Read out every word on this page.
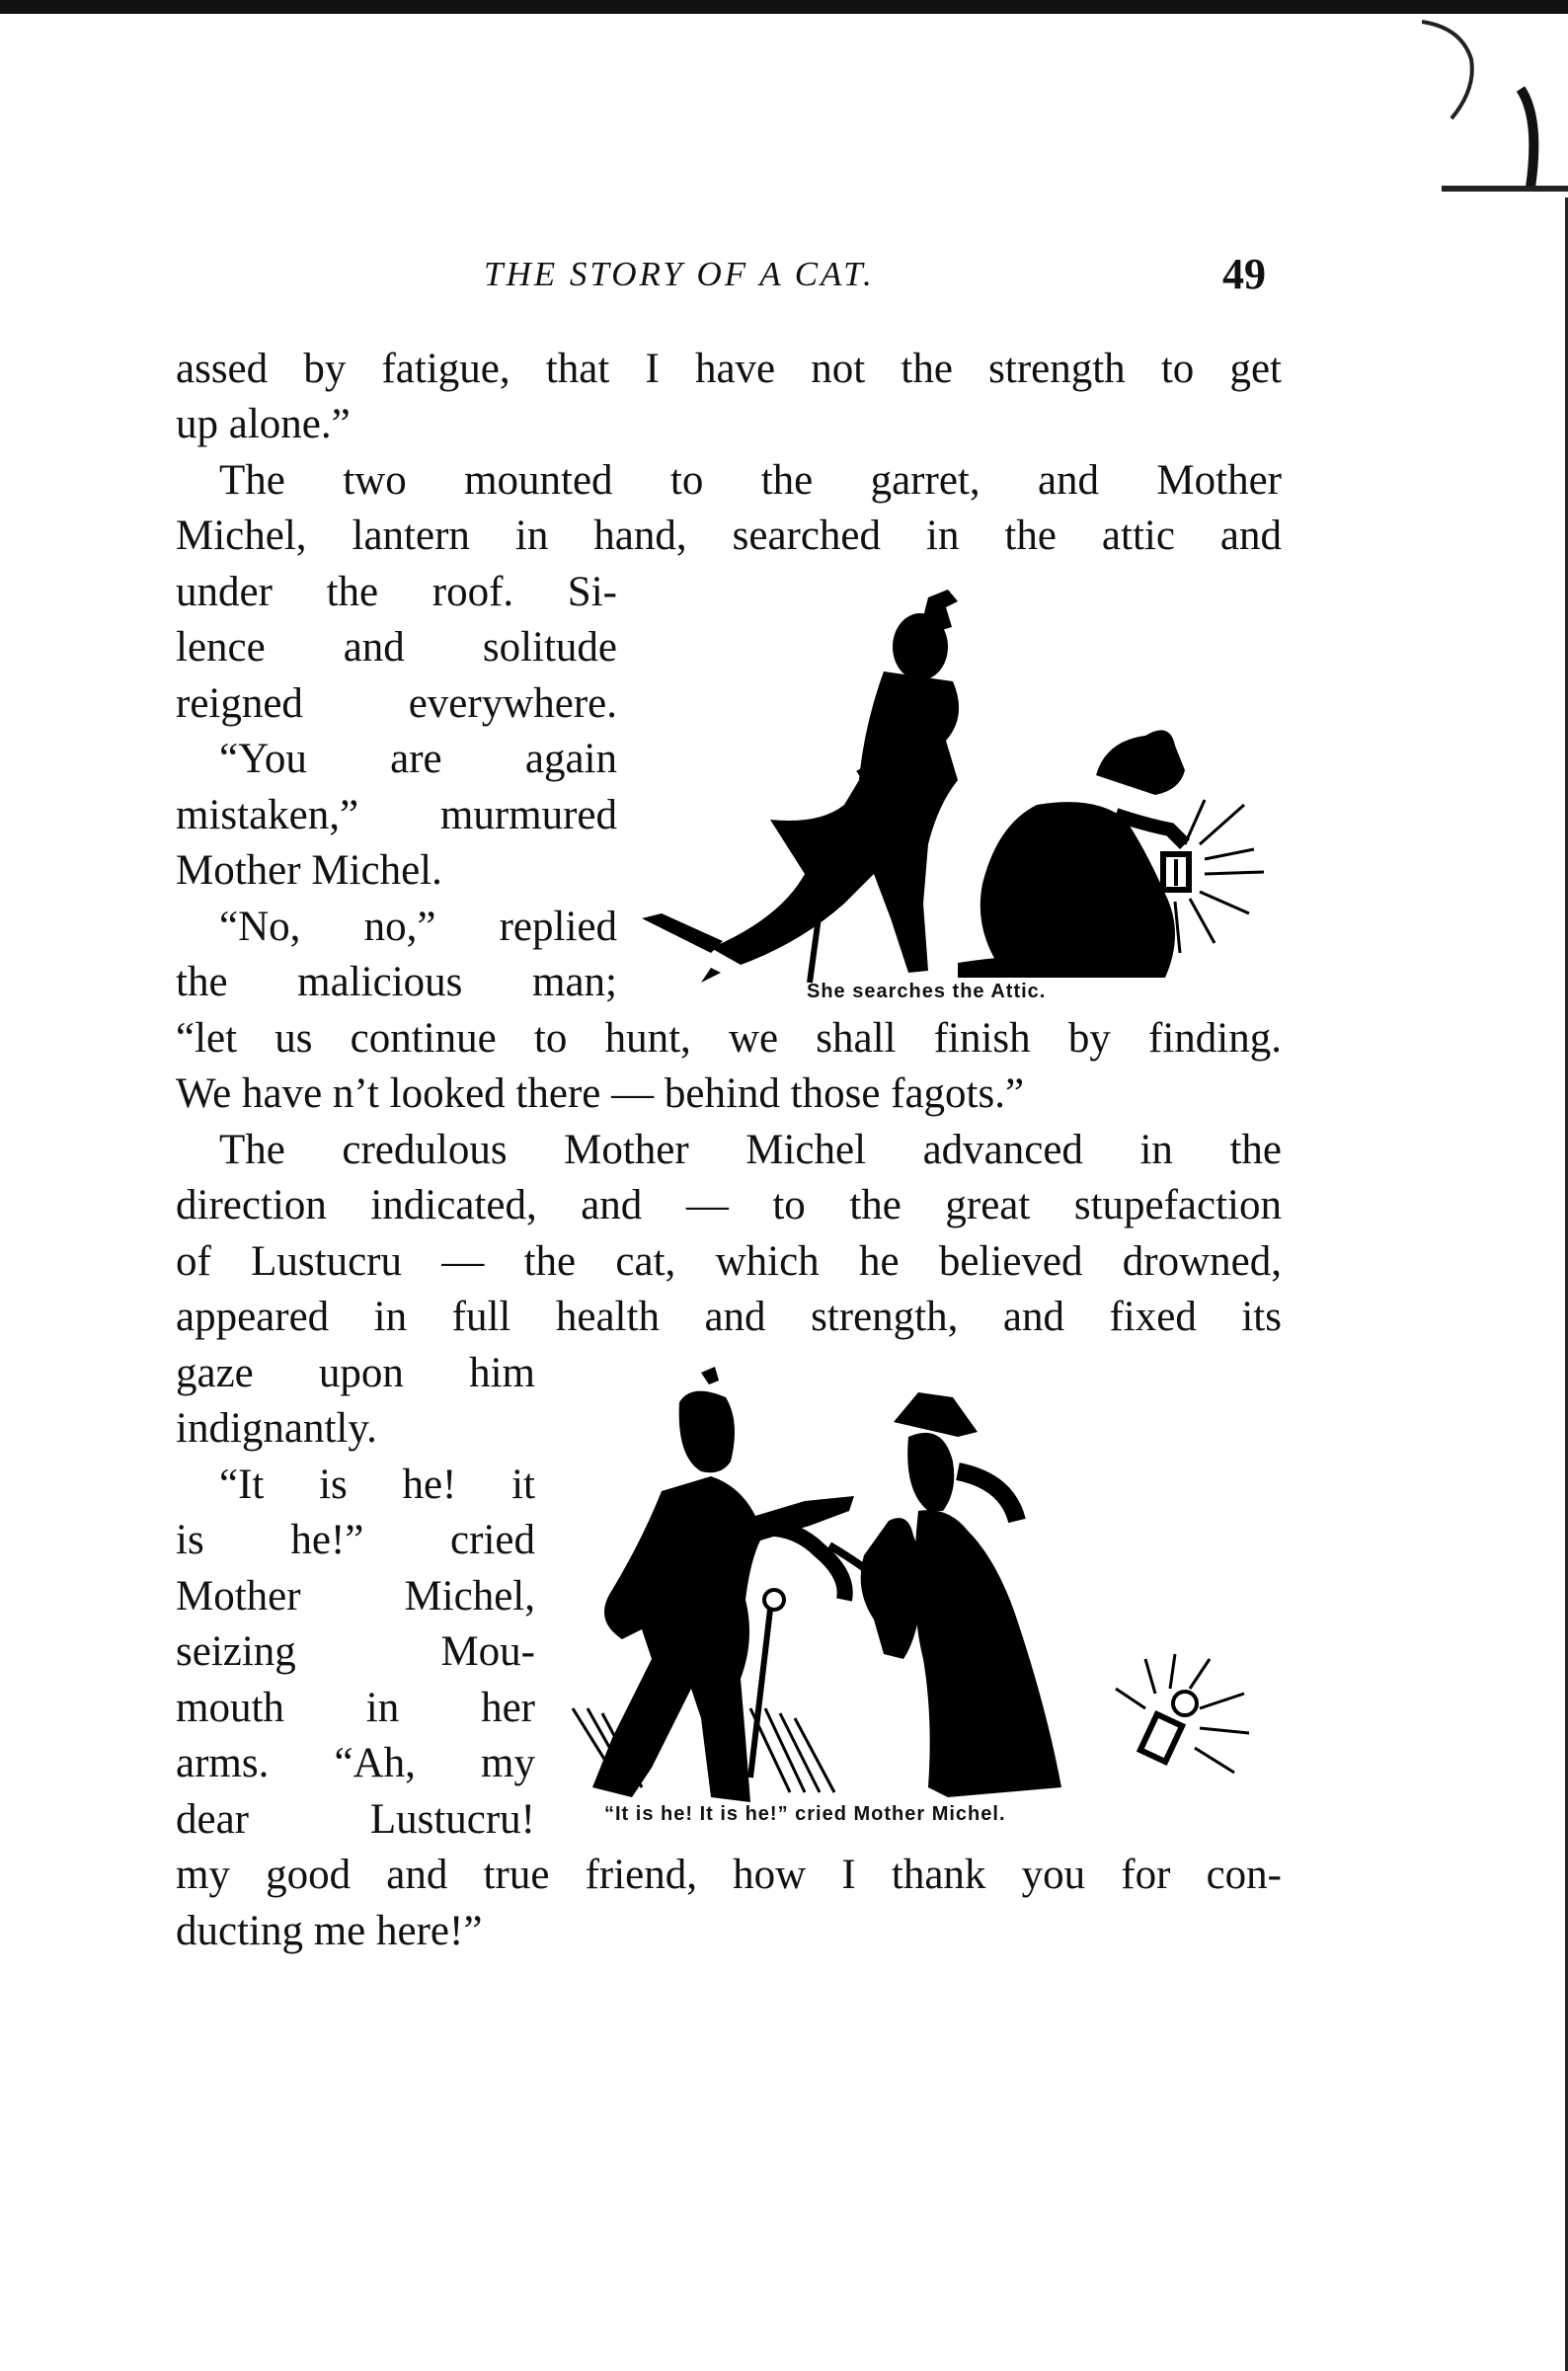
THE STORY OF A CAT.	49
assed by fatigue, that I have not the strength to get
up alone.”
The two mounted to the garret, and Mother
Michel, lantern in hand, searched in the attic and
under the roof. Si-
lence and solitude
reigned everywhere.
“You are again
mistaken,” murmured
Mother Michel.
“No, no,” replied
the malicious man;	She searches the Attic.
“let us continue to hunt, we shall finish by finding.
We have n’t looked there — behind those fagots.”
The credulous Mother Michel advanced in the
direction indicated, and — to the great stupefaction
of Lustucru — the cat, which he believed drowned,
appeared in full health and strength, and fixed its
gaze upon him
indignantly.
“It is he! it
is he!” cried
Mother Michel,
seizing Mou-
mouth in her
arms. “Ah, my
dear Lustucru!	“It is he! It is he!” cried Mother Michel.
my good and true friend, how I thank you for con-
ducting me here!”
